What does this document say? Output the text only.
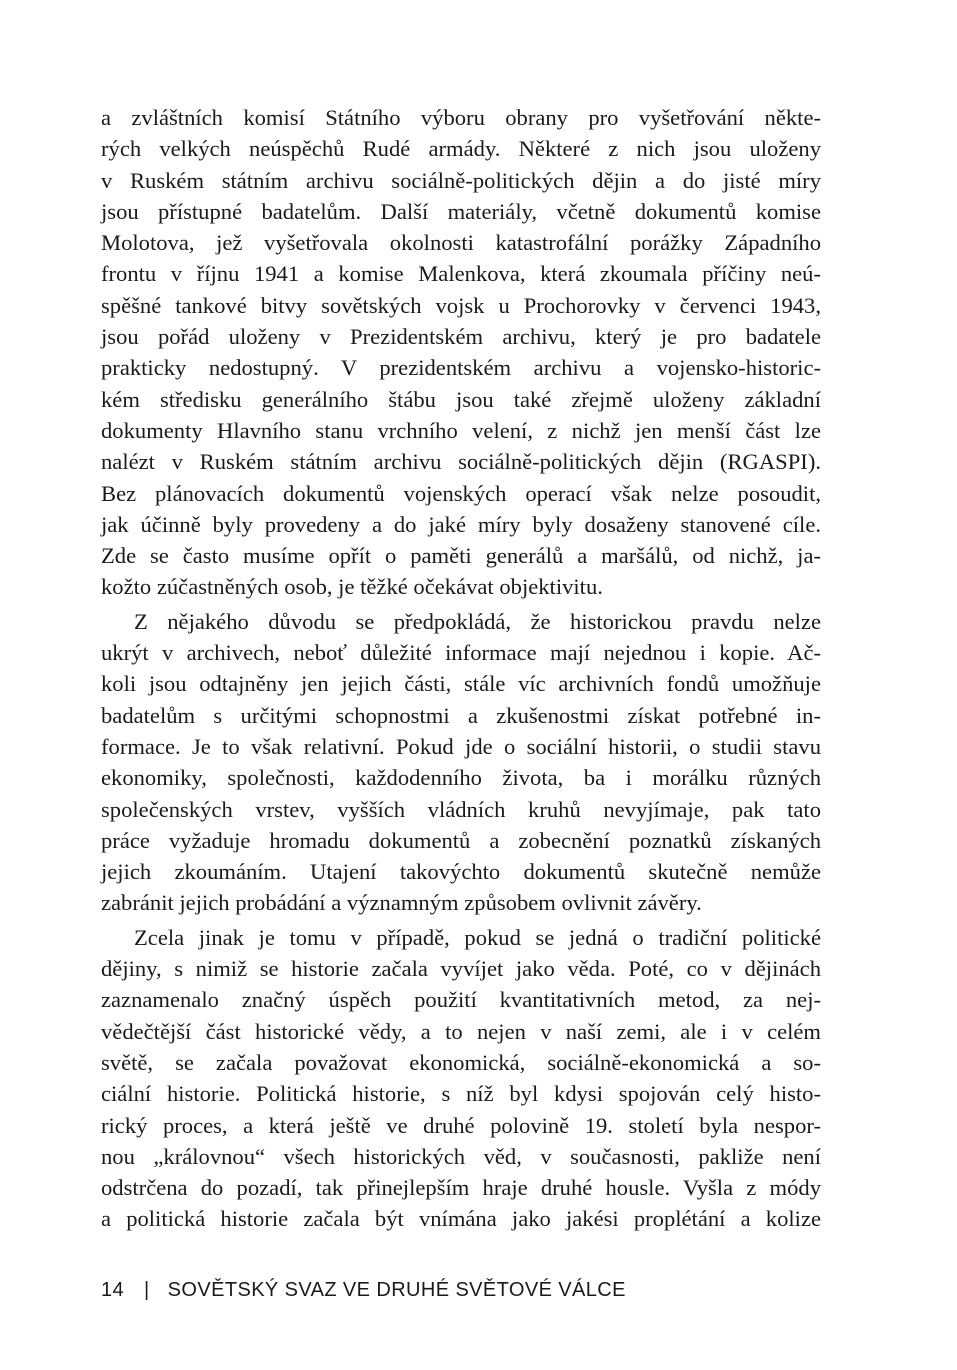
a zvláštních komisí Státního výboru obrany pro vyšetřování někte-
rých velkých neúspěchů Rudé armády. Některé z nich jsou uloženy
v Ruském státním archivu sociálně-politických dějin a do jisté míry
jsou přístupné badatelům. Další materiály, včetně dokumentů komise
Molotova, jež vyšetřovala okolnosti katastrofální porážky Západního
frontu v říjnu 1941 a komise Malenkova, která zkoumala příčiny neú-
spěšné tankové bitvy sovětských vojsk u Prochorovky v červenci 1943,
jsou pořád uloženy v Prezidentském archivu, který je pro badatele
prakticky nedostupný. V prezidentském archivu a vojensko-historic-
kém středisku generálního štábu jsou také zřejmě uloženy základní
dokumenty Hlavního stanu vrchního velení, z nichž jen menší část lze
nalézt v Ruském státním archivu sociálně-politických dějin (RGASPI).
Bez plánovacích dokumentů vojenských operací však nelze posoudit,
jak účinně byly provedeny a do jaké míry byly dosaženy stanovené cíle.
Zde se často musíme opřít o paměti generálů a maršálů, od nichž, ja-
kožto zúčastněných osob, je těžké očekávat objektivitu.
Z nějakého důvodu se předpokládá, že historickou pravdu nelze
ukrýt v archivech, neboť důležité informace mají nejednou i kopie. Ač-
koli jsou odtajněny jen jejich části, stále víc archivních fondů umožňuje
badatelům s určitými schopnostmi a zkušenostmi získat potřebné in-
formace. Je to však relativní. Pokud jde o sociální historii, o studii stavu
ekonomiky, společnosti, každodenního života, ba i morálku různých
společenských vrstev, vyšších vládních kruhů nevyjímaje, pak tato
práce vyžaduje hromadu dokumentů a zobecnění poznatků získaných
jejich zkoumáním. Utajení takovýchto dokumentů skutečně nemůže
zabránit jejich probádání a významným způsobem ovlivnit závěry.
Zcela jinak je tomu v případě, pokud se jedná o tradiční politické
dějiny, s nimiž se historie začala vyvíjet jako věda. Poté, co v dějinách
zaznamenalo značný úspěch použití kvantitativních metod, za nej-
vědečtější část historické vědy, a to nejen v naší zemi, ale i v celém
světě, se začala považovat ekonomická, sociálně-ekonomická a so-
ciální historie. Politická historie, s níž byl kdysi spojován celý histo-
rický proces, a která ještě ve druhé polovině 19. století byla nespor-
nou „královnou“ všech historických věd, v současnosti, pakliže není
odstrčena do pozadí, tak přinejlepším hraje druhé housle. Vyšla z módy
a politická historie začala být vnímána jako jakési proplétání a kolize
14 | SOVĚTSKÝ SVAZ VE DRUHÉ SVĚTOVÉ VÁLCE
